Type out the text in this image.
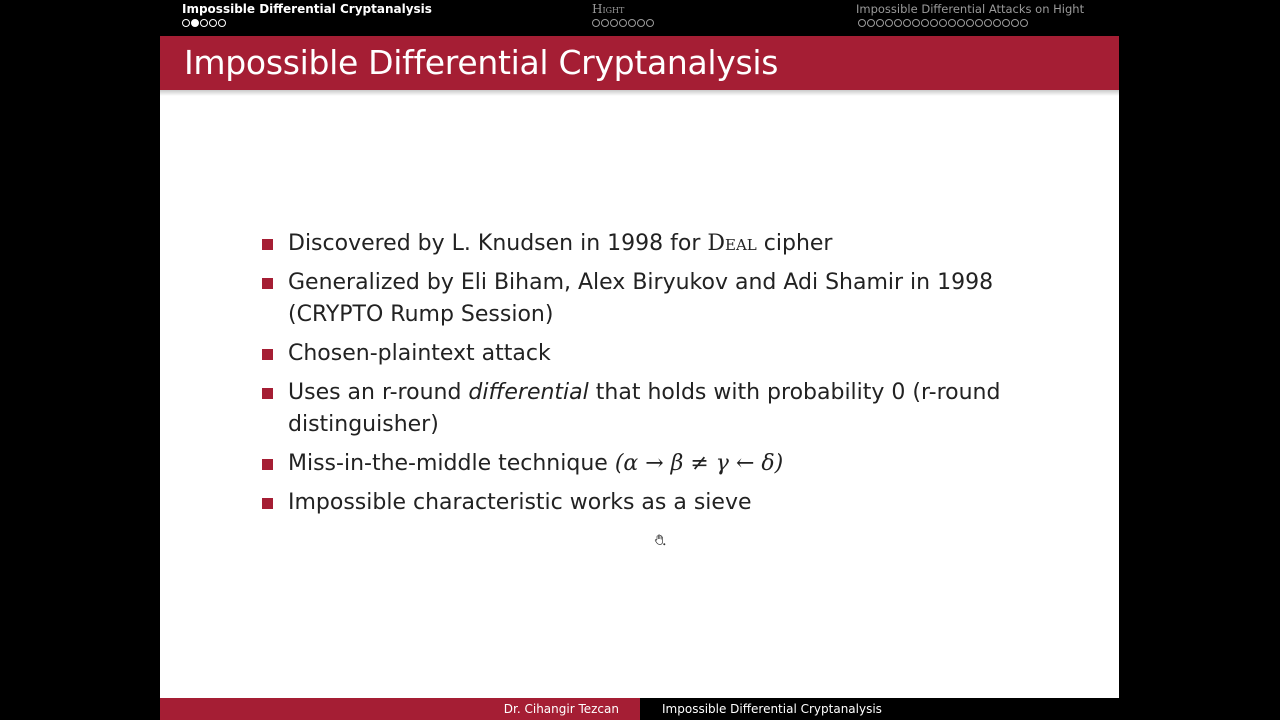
Impossible Differential Cryptanalysis	Hight	Impossible Differential Attacks on Hight
Impossible Differential Cryptanalysis
Discovered by L. Knudsen in 1998 for Deal cipher
Generalized by Eli Biham, Alex Biryukov and Adi Shamir in 1998 (CRYPTO Rump Session)
Chosen-plaintext attack
Uses an r-round differential that holds with probability 0 (r-round distinguisher)
Miss-in-the-middle technique (α → β ≠ γ ← δ)
Impossible characteristic works as a sieve
Dr. Cihangir Tezcan	Impossible Differential Cryptanalysis
